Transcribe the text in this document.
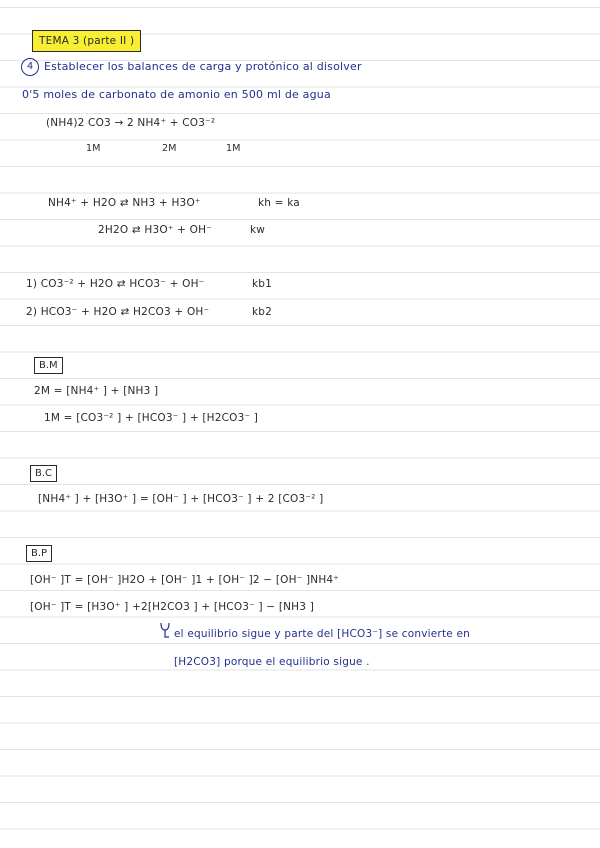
TEMA 3 (parte II )
4 Establecer los balances de carga y protónico al disolver
0'5 moles de carbonato de amonio en 500 ml de agua
(NH4)2 CO3 → 2 NH4⁺ + CO3⁻²
1M	2M	1M
NH4⁺ + H2O ⇄ NH3 + H3O⁺	kh = ka
2H2O ⇄ H3O⁺ + OH⁻	kw
1) CO3⁻² + H2O ⇄ HCO3⁻ + OH⁻	kb1
2) HCO3⁻ + H2O ⇄ H2CO3 + OH⁻	kb2
B.M
2M = [NH4⁺ ] + [NH3 ]
1M = [CO3⁻² ] + [HCO3⁻ ] + [H2CO3⁻ ]
B.C
[NH4⁺ ] + [H3O⁺ ] = [OH⁻ ] + [HCO3⁻ ] + 2 [CO3⁻² ]
B.P
[OH⁻ ]T = [OH⁻ ]H2O + [OH⁻ ]1 + [OH⁻ ]2 − [OH⁻ ]NH4⁺
[OH⁻ ]T = [H3O⁺ ] +2[H2CO3 ] + [HCO3⁻ ] − [NH3 ]
el equilibrio sigue y parte del [HCO3⁻] se convierte en
[H2CO3] porque el equilibrio sigue .
